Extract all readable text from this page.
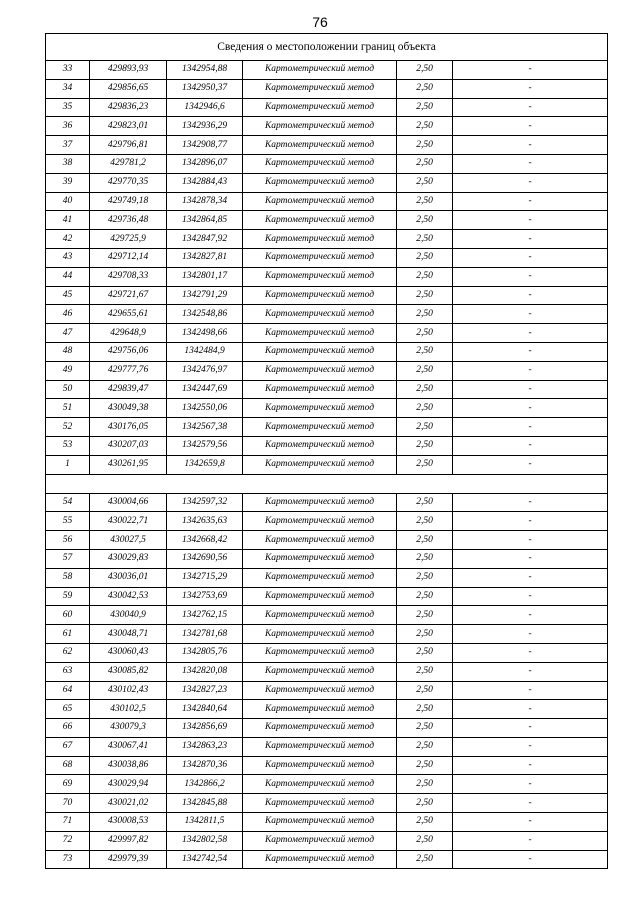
76
Сведения о местоположении границ объекта					
33	429893,93	1342954,88	Картометрический метод	2,50	-
34	429856,65	1342950,37	Картометрический метод	2,50	-
35	429836,23	1342946,6	Картометрический метод	2,50	-
36	429823,01	1342936,29	Картометрический метод	2,50	-
37	429796,81	1342908,77	Картометрический метод	2,50	-
38	429781,2	1342896,07	Картометрический метод	2,50	-
39	429770,35	1342884,43	Картометрический метод	2,50	-
40	429749,18	1342878,34	Картометрический метод	2,50	-
41	429736,48	1342864,85	Картометрический метод	2,50	-
42	429725,9	1342847,92	Картометрический метод	2,50	-
43	429712,14	1342827,81	Картометрический метод	2,50	-
44	429708,33	1342801,17	Картометрический метод	2,50	-
45	429721,67	1342791,29	Картометрический метод	2,50	-
46	429655,61	1342548,86	Картометрический метод	2,50	-
47	429648,9	1342498,66	Картометрический метод	2,50	-
48	429756,06	1342484,9	Картометрический метод	2,50	-
49	429777,76	1342476,97	Картометрический метод	2,50	-
50	429839,47	1342447,69	Картометрический метод	2,50	-
51	430049,38	1342550,06	Картометрический метод	2,50	-
52	430176,05	1342567,38	Картометрический метод	2,50	-
53	430207,03	1342579,56	Картометрический метод	2,50	-
1	430261,95	1342659,8	Картометрический метод	2,50	-

54	430004,66	1342597,32	Картометрический метод	2,50	-
55	430022,71	1342635,63	Картометрический метод	2,50	-
56	430027,5	1342668,42	Картометрический метод	2,50	-
57	430029,83	1342690,56	Картометрический метод	2,50	-
58	430036,01	1342715,29	Картометрический метод	2,50	-
59	430042,53	1342753,69	Картометрический метод	2,50	-
60	430040,9	1342762,15	Картометрический метод	2,50	-
61	430048,71	1342781,68	Картометрический метод	2,50	-
62	430060,43	1342805,76	Картометрический метод	2,50	-
63	430085,82	1342820,08	Картометрический метод	2,50	-
64	430102,43	1342827,23	Картометрический метод	2,50	-
65	430102,5	1342840,64	Картометрический метод	2,50	-
66	430079,3	1342856,69	Картометрический метод	2,50	-
67	430067,41	1342863,23	Картометрический метод	2,50	-
68	430038,86	1342870,36	Картометрический метод	2,50	-
69	430029,94	1342866,2	Картометрический метод	2,50	-
70	430021,02	1342845,88	Картометрический метод	2,50	-
71	430008,53	1342811,5	Картометрический метод	2,50	-
72	429997,82	1342802,58	Картометрический метод	2,50	-
73	429979,39	1342742,54	Картометрический метод	2,50	-
